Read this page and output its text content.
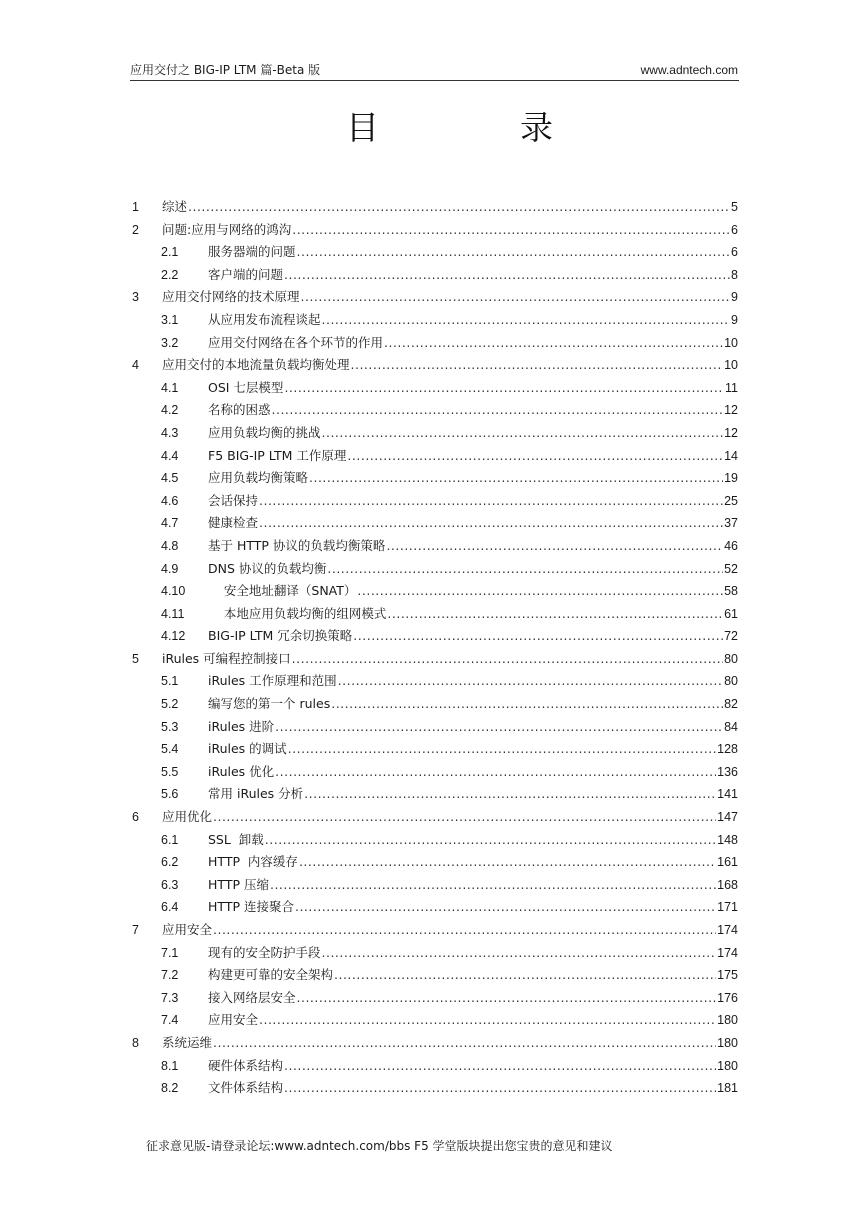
应用交付之 BIG-IP LTM 篇-Beta 版	www.adntech.com
目	录
1 综述 .....	5
2 问题:应用与网络的鸿沟 .....	6
2.1 服务器端的问题 .....	6
2.2 客户端的问题 .....	8
3 应用交付网络的技术原理 .....	9
3.1 从应用发布流程谈起 .....	9
3.2 应用交付网络在各个环节的作用 .....	10
4 应用交付的本地流量负载均衡处理 .....	10
4.1 OSI 七层模型 .....	11
4.2 名称的困惑 .....	12
4.3 应用负载均衡的挑战 .....	12
4.4 F5 BIG-IP LTM 工作原理 .....	14
4.5 应用负载均衡策略 .....	19
4.6 会话保持 .....	25
4.7 健康检查 .....	37
4.8 基于 HTTP 协议的负载均衡策略 .....	46
4.9 DNS 协议的负载均衡 .....	52
4.10 安全地址翻译（SNAT） .....	58
4.11 本地应用负载均衡的组网模式 .....	61
4.12 BIG-IP LTM 冗余切换策略 .....	72
5 iRules 可编程控制接口 .....	80
5.1 iRules 工作原理和范围 .....	80
5.2 编写您的第一个 rules .....	82
5.3 iRules 进阶 .....	84
5.4 iRules 的调试 .....	128
5.5 iRules 优化 .....	136
5.6 常用 iRules 分析 .....	141
6 应用优化 .....	147
6.1 SSL  卸载 .....	148
6.2 HTTP  内容缓存 .....	161
6.3 HTTP 压缩 .....	168
6.4 HTTP 连接聚合 .....	171
7 应用安全 .....	174
7.1 现有的安全防护手段 .....	174
7.2 构建更可靠的安全架构 .....	175
7.3 接入网络层安全 .....	176
7.4 应用安全 .....	180
8 系统运维 .....	180
8.1 硬件体系结构 .....	180
8.2 文件体系结构 .....	181
征求意见版-请登录论坛:www.adntech.com/bbs F5 学堂版块提出您宝贵的意见和建议
